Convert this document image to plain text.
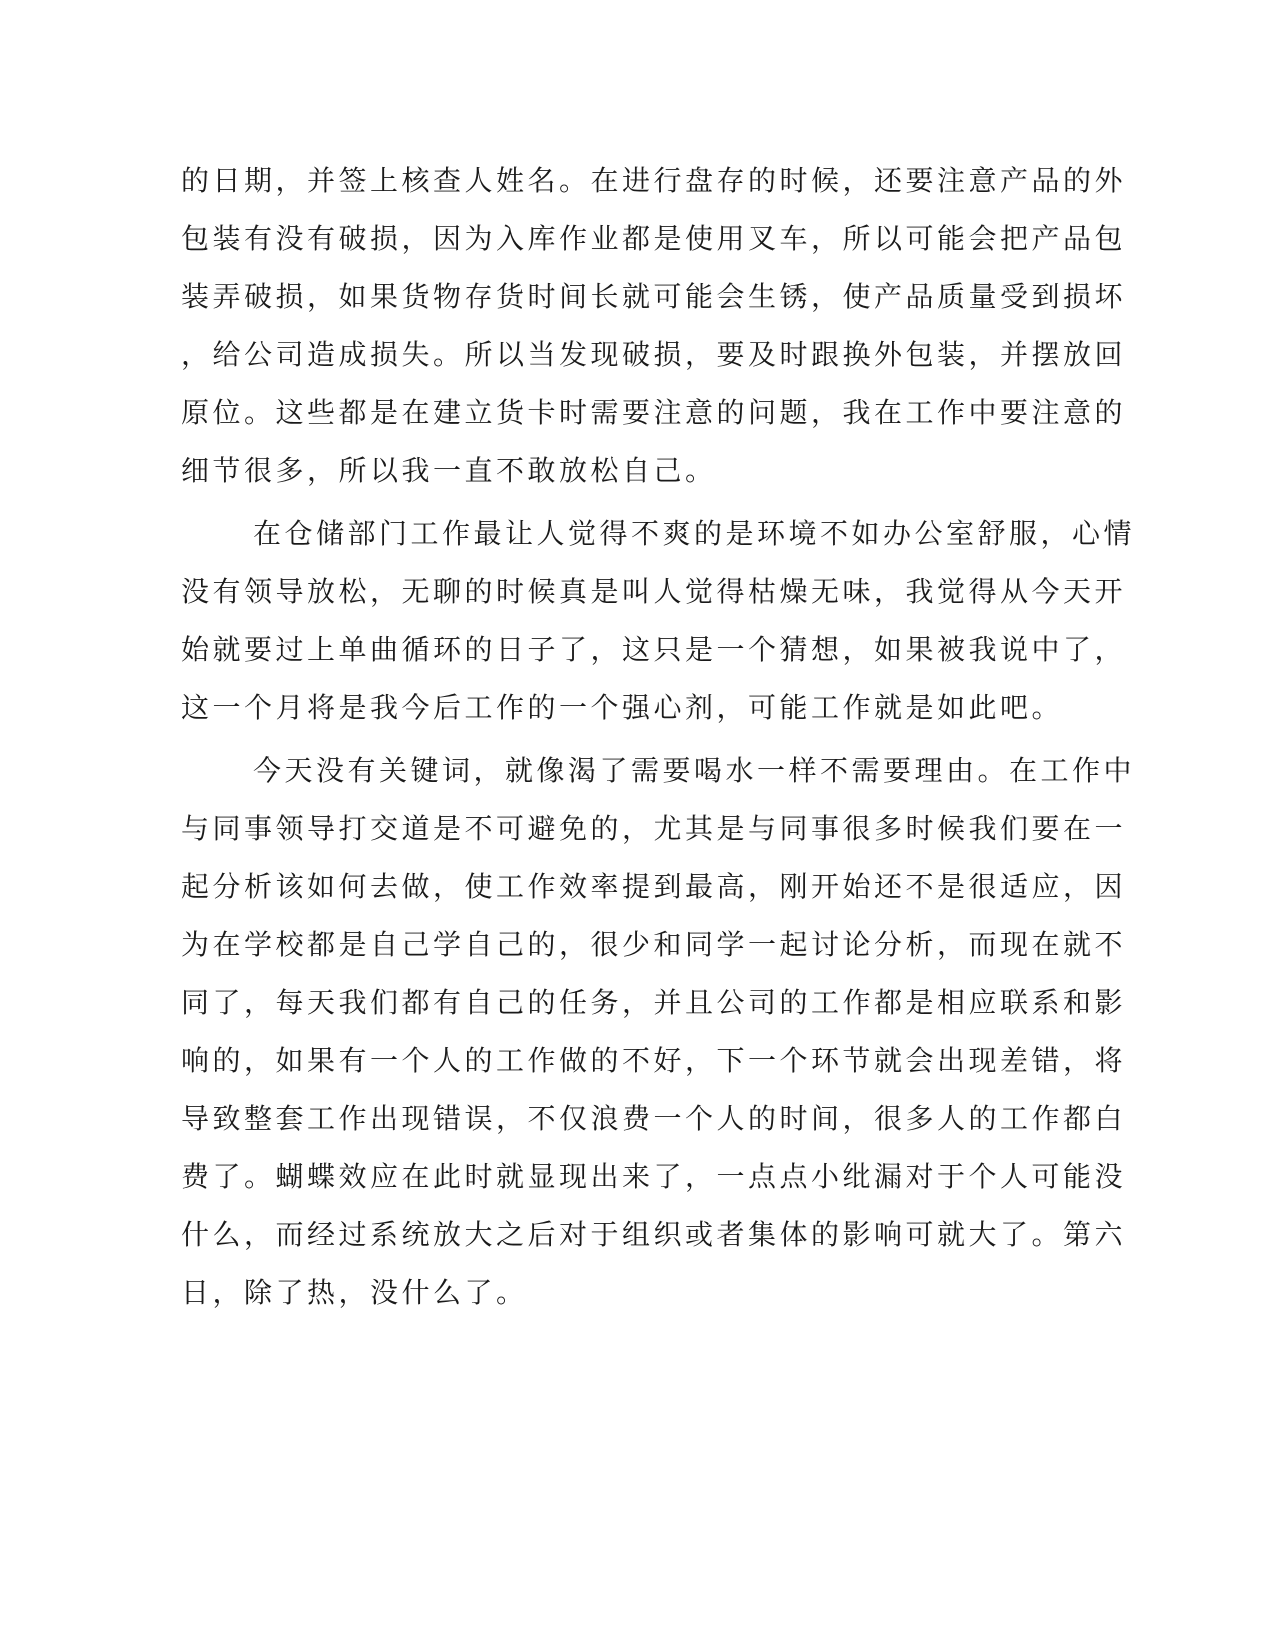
的日期，并签上核查人姓名。在进行盘存的时候，还要注意产品的外
包装有没有破损，因为入库作业都是使用叉车，所以可能会把产品包
装弄破损，如果货物存货时间长就可能会生锈，使产品质量受到损坏
，给公司造成损失。所以当发现破损，要及时跟换外包装，并摆放回
原位。这些都是在建立货卡时需要注意的问题，我在工作中要注意的
细节很多，所以我一直不敢放松自己。
在仓储部门工作最让人觉得不爽的是环境不如办公室舒服，心情
没有领导放松，无聊的时候真是叫人觉得枯燥无味，我觉得从今天开
始就要过上单曲循环的日子了，这只是一个猜想，如果被我说中了，
这一个月将是我今后工作的一个强心剂，可能工作就是如此吧。
今天没有关键词，就像渴了需要喝水一样不需要理由。在工作中
与同事领导打交道是不可避免的，尤其是与同事很多时候我们要在一
起分析该如何去做，使工作效率提到最高，刚开始还不是很适应，因
为在学校都是自己学自己的，很少和同学一起讨论分析，而现在就不
同了，每天我们都有自己的任务，并且公司的工作都是相应联系和影
响的，如果有一个人的工作做的不好，下一个环节就会出现差错，将
导致整套工作出现错误，不仅浪费一个人的时间，很多人的工作都白
费了。蝴蝶效应在此时就显现出来了，一点点小纰漏对于个人可能没
什么，而经过系统放大之后对于组织或者集体的影响可就大了。第六
日，除了热，没什么了。
